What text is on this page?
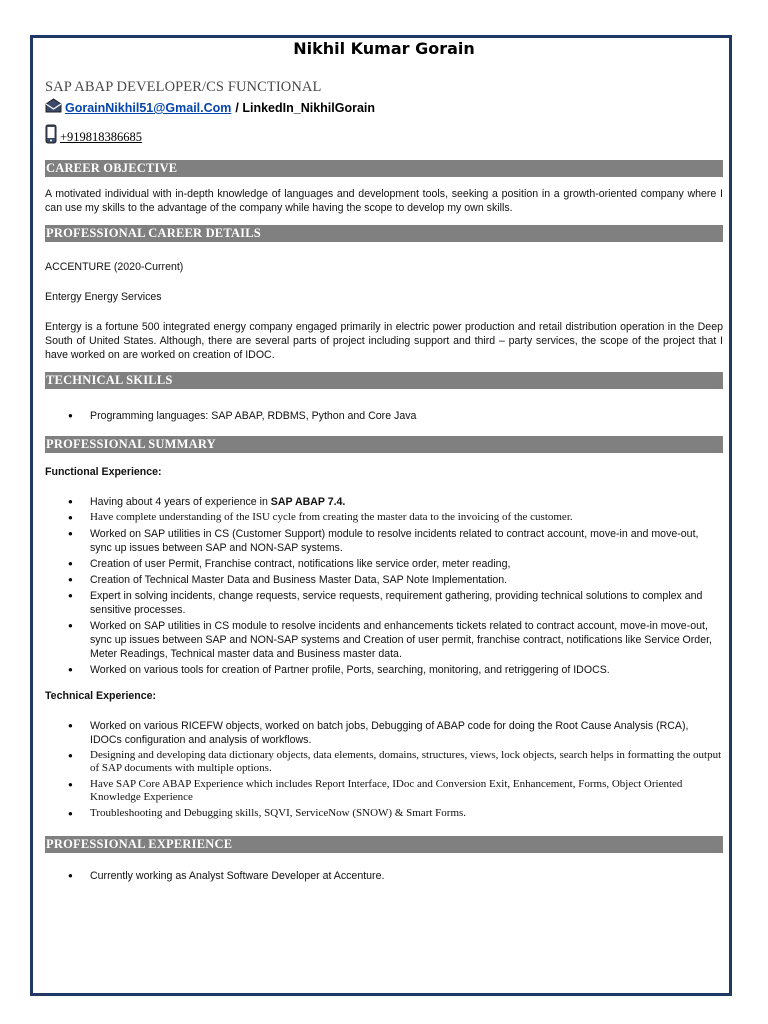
Nikhil Kumar Gorain
SAP ABAP DEVELOPER/CS FUNCTIONAL
GorainNikhil51@Gmail.Com / LinkedIn_NikhilGorain
+919818386685
CAREER OBJECTIVE

A motivated individual with in-depth knowledge of languages and development tools, seeking a position in a growth-oriented company where I can use my skills to the advantage of the company while having the scope to develop my own skills.

PROFESSIONAL CAREER DETAILS

ACCENTURE (2020-Current)

Entergy Energy Services

Entergy is a fortune 500 integrated energy company engaged primarily in electric power production and retail distribution operation in the Deep South of United States. Although, there are several parts of project including support and third – party services, the scope of the project that I have worked on are worked on creation of IDOC.

TECHNICAL SKILLS
● Programming languages: SAP ABAP, RDBMS, Python and Core Java
PROFESSIONAL SUMMARY
Functional Experience:
● Having about 4 years of experience in SAP ABAP 7.4.
● Have complete understanding of the ISU cycle from creating the master data to the invoicing of the customer.
● Worked on SAP utilities in CS (Customer Support) module to resolve incidents related to contract account, move-in and move-out, sync up issues between SAP and NON-SAP systems.
● Creation of user Permit, Franchise contract, notifications like service order, meter reading,
● Creation of Technical Master Data and Business Master Data, SAP Note Implementation.
● Expert in solving incidents, change requests, service requests, requirement gathering, providing technical solutions to complex and sensitive processes.
● Worked on SAP utilities in CS module to resolve incidents and enhancements tickets related to contract account, move-in move-out, sync up issues between SAP and NON-SAP systems and Creation of user permit, franchise contract, notifications like Service Order, Meter Readings, Technical master data and Business master data.
● Worked on various tools for creation of Partner profile, Ports, searching, monitoring, and retriggering of IDOCS.
Technical Experience:
● Worked on various RICEFW objects, worked on batch jobs, Debugging of ABAP code for doing the Root Cause Analysis (RCA), IDOCs configuration and analysis of workflows.
● Designing and developing data dictionary objects, data elements, domains, structures, views, lock objects, search helps in formatting the output of SAP documents with multiple options.
● Have SAP Core ABAP Experience which includes Report Interface, IDoc and Conversion Exit, Enhancement, Forms, Object Oriented Knowledge Experience
● Troubleshooting and Debugging skills, SQVI, ServiceNow (SNOW) & Smart Forms.
PROFESSIONAL EXPERIENCE
● Currently working as Analyst Software Developer at Accenture.
